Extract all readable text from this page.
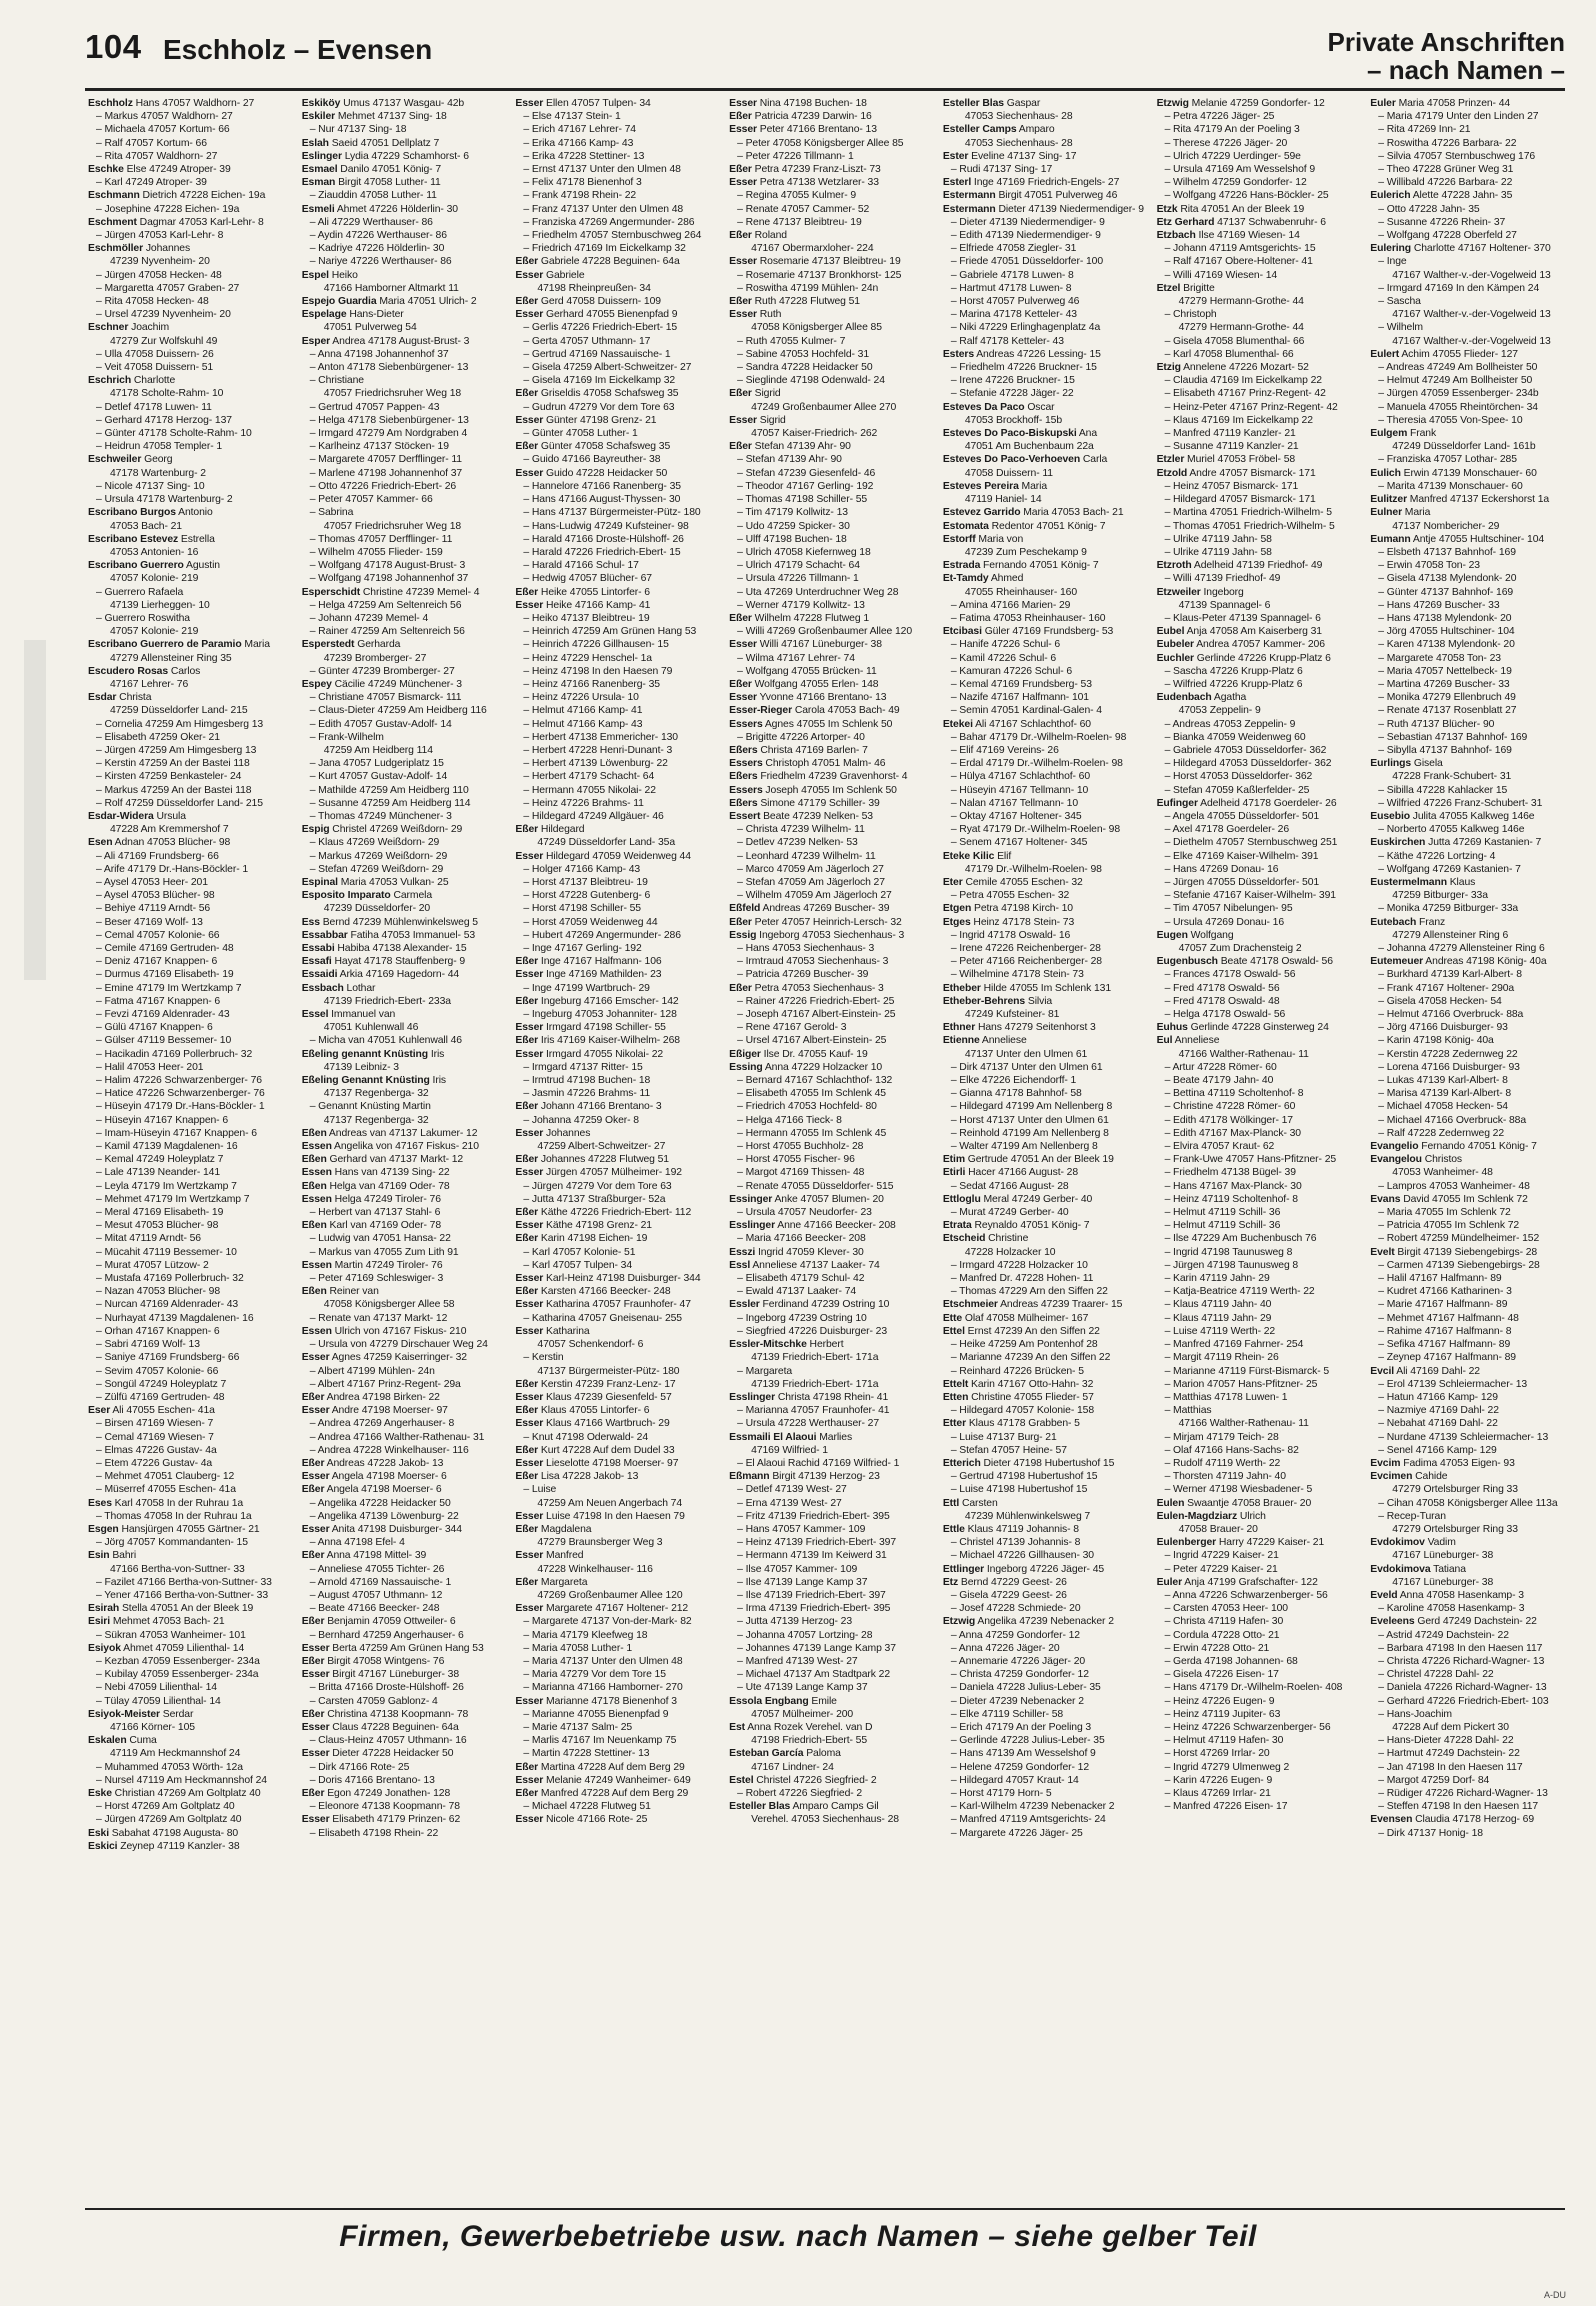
104 Eschholz – Evensen	Private Anschriften
– nach Namen –
Eschholz Hans 47057 Waldhorn- 27
– Markus 47057 Waldhorn- 27
– Michaela 47057 Kortum- 66
– Ralf 47057 Kortum- 66
– Rita 47057 Waldhorn- 27
Eschke Else 47249 Atroper- 39
– Karl 47249 Atroper- 39
Eschmann Dietrich 47228 Eichen- 19a
– Josephine 47228 Eichen- 19a
Eschment Dagmar 47053 Karl-Lehr- 8
– Jürgen 47053 Karl-Lehr- 8
Eschmöller Johannes
47239 Nyvenheim- 20
– Jürgen 47058 Hecken- 48
– Margaretta 47057 Graben- 27
– Rita 47058 Hecken- 48
– Ursel 47239 Nyvenheim- 20
Eschner Joachim
47279 Zur Wolfskuhl 49
– Ulla 47058 Duissern- 26
– Veit 47058 Duissern- 51
Eschrich Charlotte
47178 Scholte-Rahm- 10
– Detlef 47178 Luwen- 11
– Gerhard 47178 Herzog- 137
– Günter 47178 Scholte-Rahm- 10
– Heidrun 47058 Templer- 1
Eschweiler Georg
47178 Wartenburg- 2
– Nicole 47137 Sing- 10
– Ursula 47178 Wartenburg- 2
Escribano Burgos Antonio
47053 Bach- 21
Escribano Estevez Estrella
47053 Antonien- 16
Escribano Guerrero Agustin
47057 Kolonie- 219
– Guerrero Rafaela
47139 Lierheggen- 10
– Guerrero Roswitha
47057 Kolonie- 219
Escribano Guerrero de Paramio Maria
47279 Allensteiner Ring 35
Escudero Rosas Carlos
47167 Lehrer- 76
Esdar Christa
47259 Düsseldorfer Land- 215
– Cornelia 47259 Am Himgesberg 13
– Elisabeth 47259 Oker- 21
– Jürgen 47259 Am Himgesberg 13
– Kerstin 47259 An der Bastei 118
– Kirsten 47259 Benkasteler- 24
– Markus 47259 An der Bastei 118
– Rolf 47259 Düsseldorfer Land- 215
Esdar-Widera Ursula
47228 Am Kremmershof 7
Esen Adnan 47053 Blücher- 98
– Ali 47169 Frundsberg- 66
– Arife 47179 Dr.-Hans-Böckler- 1
– Aysel 47053 Heer- 201
– Aysel 47053 Blücher- 98
– Behiye 47119 Arndt- 56
– Beser 47169 Wolf- 13
– Cemal 47057 Kolonie- 66
– Cemile 47169 Gertruden- 48
– Deniz 47167 Knappen- 6
– Durmus 47169 Elisabeth- 19
– Emine 47179 Im Wertzkamp 7
– Fatma 47167 Knappen- 6
– Fevzi 47169 Aldenrader- 43
– Gülü 47167 Knappen- 6
– Gülser 47119 Bessemer- 10
– Hacikadin 47169 Pollerbruch- 32
– Halil 47053 Heer- 201
– Halim 47226 Schwarzenberger- 76
– Hatice 47226 Schwarzenberger- 76
– Hüseyin 47179 Dr.-Hans-Böckler- 1
– Hüseyin 47167 Knappen- 6
– Imam-Hüseyin 47167 Knappen- 6
– Kamil 47139 Magdalenen- 16
– Kemal 47249 Holeyplatz 7
– Lale 47139 Neander- 141
– Leyla 47179 Im Wertzkamp 7
– Mehmet 47179 Im Wertzkamp 7
– Meral 47169 Elisabeth- 19
– Mesut 47053 Blücher- 98
– Mitat 47119 Arndt- 56
– Mücahit 47119 Bessemer- 10
– Murat 47057 Lützow- 2
– Mustafa 47169 Pollerbruch- 32
– Nazan 47053 Blücher- 98
– Nurcan 47169 Aldenrader- 43
– Nurhayat 47139 Magdalenen- 16
– Orhan 47167 Knappen- 6
– Sabri 47169 Wolf- 13
– Saniye 47169 Frundsberg- 66
– Sevim 47057 Kolonie- 66
– Songül 47249 Holeyplatz 7
– Zülfü 47169 Gertruden- 48
Eser Ali 47055 Eschen- 41a
– Birsen 47169 Wiesen- 7
– Cemal 47169 Wiesen- 7
– Elmas 47226 Gustav- 4a
– Etem 47226 Gustav- 4a
– Mehmet 47051 Clauberg- 12
– Müserref 47055 Eschen- 41a
Eses Karl 47058 In der Ruhrau 1a
– Thomas 47058 In der Ruhrau 1a
Esgen Hansjürgen 47055 Gärtner- 21
– Jörg 47057 Kommandanten- 15
Esin Bahri
47166 Bertha-von-Suttner- 33
– Fazilet 47166 Bertha-von-Suttner- 33
– Yener 47166 Bertha-von-Suttner- 33
Esirah Stella 47051 An der Bleek 19
Esiri Mehmet 47053 Bach- 21
– Sükran 47053 Wanheimer- 101
Esiyok Ahmet 47059 Lilienthal- 14
– Kezban 47059 Essenberger- 234a
– Kubilay 47059 Essenberger- 234a
– Nebi 47059 Lilienthal- 14
– Tülay 47059 Lilienthal- 14
Esiyok-Meister Serdar
47166 Körner- 105
Eskalen Cuma
47119 Am Heckmannshof 24
– Muhammed 47053 Wörth- 12a
– Nursel 47119 Am Heckmannshof 24
Eske Christian 47269 Am Goltplatz 40
– Horst 47269 Am Goltplatz 40
– Jürgen 47269 Am Goltplatz 40
Eski Sabahat 47198 Augusta- 80
Eskici Zeynep 47119 Kanzler- 38
Eskiköy Umus 47137 Wasgau- 42b
Eskiler Mehmet 47137 Sing- 18
– Nur 47137 Sing- 18
Eslah Saeid 47051 Dellplatz 7
Eslinger Lydia 47229 Schamhorst- 6
Esmael Danilo 47051 König- 7
Esman Birgit 47058 Luther- 11
– Ziauddin 47058 Luther- 11
Esmeli Ahmet 47226 Hölderlin- 30
– Ali 47229 Werthauser- 86
– Aydin 47226 Werthauser- 86
– Kadriye 47226 Hölderlin- 30
– Nariye 47226 Werthauser- 86
Espel Heiko
47166 Hamborner Altmarkt 11
Espejo Guardia Maria 47051 Ulrich- 2
Espelage Hans-Dieter
47051 Pulverweg 54
Esper Andrea 47178 August-Brust- 3
– Anna 47198 Johannenhof 37
– Anton 47178 Siebenbürgener- 13
– Christiane
47057 Friedrichsruher Weg 18
– Gertrud 47057 Pappen- 43
– Helga 47178 Siebenbürgener- 13
– Irmgard 47279 Am Nordgraben 4
– Karlheinz 47137 Stöcken- 19
– Margarete 47057 Derfflinger- 11
– Marlene 47198 Johannenhof 37
– Otto 47226 Friedrich-Ebert- 26
– Peter 47057 Kammer- 66
– Sabrina
47057 Friedrichsruher Weg 18
– Thomas 47057 Derfflinger- 11
– Wilhelm 47055 Flieder- 159
– Wolfgang 47178 August-Brust- 3
– Wolfgang 47198 Johannenhof 37
Esperschidt Christine 47239 Memel- 4
– Helga 47259 Am Seltenreich 56
– Johann 47239 Memel- 4
– Rainer 47259 Am Seltenreich 56
Esperstedt Gerharda
47239 Bromberger- 27
– Günter 47239 Bromberger- 27
Espey Cäcilie 47249 Münchener- 3
– Christiane 47057 Bismarck- 111
– Claus-Dieter 47259 Am Heidberg 116
– Edith 47057 Gustav-Adolf- 14
– Frank-Wilhelm
47259 Am Heidberg 114
– Jana 47057 Ludgeriplatz 15
– Kurt 47057 Gustav-Adolf- 14
– Mathilde 47259 Am Heidberg 110
– Susanne 47259 Am Heidberg 114
– Thomas 47249 Münchener- 3
Espig Christel 47269 Weißdorn- 29
– Klaus 47269 Weißdorn- 29
– Markus 47269 Weißdorn- 29
– Stefan 47269 Weißdorn- 29
Espinal Maria 47053 Vulkan- 25
Esposito Imparato Carmela
47239 Düsseldorfer- 20
Ess Bernd 47239 Mühlenwinkelsweg 5
Essabbar Fatiha 47053 Immanuel- 53
Essabi Habiba 47138 Alexander- 15
Essafi Hayat 47178 Stauffenberg- 9
Essaidi Arkia 47169 Hagedorn- 44
Essbach Lothar
47139 Friedrich-Ebert- 233a
Essel Immanuel van
47051 Kuhlenwall 46
– Micha van 47051 Kuhlenwall 46
Eßeling genannt Knüsting Iris
47139 Leibniz- 3
Eßeling Genannt Knüsting Iris
47137 Regenberga- 32
– Genannt Knüsting Martin
47137 Regenberga- 32
Eßen Andreas van 47137 Lakumer- 12
Essen Angelika von 47167 Fiskus- 210
Eßen Gerhard van 47137 Markt- 12
Essen Hans van 47139 Sing- 22
Eßen Helga van 47169 Oder- 78
Essen Helga 47249 Tiroler- 76
– Herbert van 47137 Stahl- 6
Eßen Karl van 47169 Oder- 78
– Ludwig van 47051 Hansa- 22
– Markus van 47055 Zum Lith 91
Essen Martin 47249 Tiroler- 76
– Peter 47169 Schleswiger- 3
Eßen Reiner van
47058 Königsberger Allee 58
– Renate van 47137 Markt- 12
Essen Ulrich von 47167 Fiskus- 210
– Ursula von 47279 Dirschauer Weg 24
Esser Agnes 47259 Kaiserringer- 32
– Albert 47199 Mühlen- 24n
– Albert 47167 Prinz-Regent- 29a
Eßer Andrea 47198 Birken- 22
Esser Andre 47198 Moerser- 97
– Andrea 47269 Angerhauser- 8
– Andrea 47166 Walther-Rathenau- 31
– Andrea 47228 Winkelhauser- 116
Eßer Andreas 47228 Jakob- 13
Esser Angela 47198 Moerser- 6
Eßer Angela 47198 Moerser- 6
– Angelika 47228 Heidacker 50
– Angelika 47139 Löwenburg- 22
Esser Anita 47198 Duisburger- 344
– Anna 47198 Efel- 4
Eßer Anna 47198 Mittel- 39
– Anneliese 47055 Tichter- 26
– Arnold 47169 Nassauische- 1
– August 47057 Uthmann- 12
– Beate 47166 Beecker- 248
Eßer Benjamin 47059 Ottweiler- 6
– Bernhard 47259 Angerhauser- 6
Esser Berta 47259 Am Grünen Hang 53
Eßer Birgit 47058 Wintgens- 76
Esser Birgit 47167 Lüneburger- 38
– Britta 47166 Droste-Hülshoff- 26
– Carsten 47059 Gablonz- 4
Eßer Christina 47138 Koopmann- 78
Esser Claus 47228 Beguinen- 64a
– Claus-Heinz 47057 Uthmann- 16
Esser Dieter 47228 Heidacker 50
– Dirk 47166 Rote- 25
– Doris 47166 Brentano- 13
Eßer Egon 47249 Jonathen- 128
– Eleonore 47138 Koopmann- 78
Esser Elisabeth 47179 Prinzen- 62
– Elisabeth 47198 Rhein- 22
Esser Ellen 47057 Tulpen- 34
– Else 47137 Stein- 1
– Erich 47167 Lehrer- 74
– Erika 47166 Kamp- 43
– Erika 47228 Stettiner- 13
– Ernst 47137 Unter den Ulmen 48
– Felix 47178 Bienenhof 3
– Frank 47198 Rhein- 22
– Franz 47137 Unter den Ulmen 48
– Franziska 47269 Angermunder- 286
– Friedhelm 47057 Sternbuschweg 264
– Friedrich 47169 Im Eickelkamp 32
Eßer Gabriele 47228 Beguinen- 64a
Esser Gabriele
47198 Rheinpreußen- 34
Eßer Gerd 47058 Duissern- 109
Esser Gerhard 47055 Bienenpfad 9
– Gerlis 47226 Friedrich-Ebert- 15
– Gerta 47057 Uthmann- 17
– Gertrud 47169 Nassauische- 1
– Gisela 47259 Albert-Schweitzer- 27
– Gisela 47169 Im Eickelkamp 32
Eßer Griseldis 47058 Schafsweg 35
– Gudrun 47279 Vor dem Tore 63
Esser Günter 47198 Grenz- 21
– Günter 47058 Luther- 1
Eßer Günter 47058 Schafsweg 35
– Guido 47166 Bayreuther- 38
Esser Guido 47228 Heidacker 50
– Hannelore 47166 Ranenberg- 35
– Hans 47166 August-Thyssen- 30
– Hans 47137 Bürgermeister-Pütz- 180
– Hans-Ludwig 47249 Kufsteiner- 98
– Harald 47166 Droste-Hülshoff- 26
– Harald 47226 Friedrich-Ebert- 15
– Harald 47166 Schul- 17
– Hedwig 47057 Blücher- 67
Eßer Heike 47055 Lintorfer- 6
Esser Heike 47166 Kamp- 41
– Heiko 47137 Bleibtreu- 19
– Heinrich 47259 Am Grünen Hang 53
– Heinrich 47226 Gillhausen- 15
– Heinz 47229 Henschel- 1a
– Heinz 47198 In den Haesen 79
– Heinz 47166 Ranenberg- 35
– Heinz 47226 Ursula- 10
– Helmut 47166 Kamp- 41
– Helmut 47166 Kamp- 43
– Herbert 47138 Emmericher- 130
– Herbert 47228 Henri-Dunant- 3
– Herbert 47139 Löwenburg- 22
– Herbert 47179 Schacht- 64
– Hermann 47055 Nikolai- 22
– Heinz 47226 Brahms- 11
– Hildegard 47249 Allgäuer- 46
Eßer Hildegard
47249 Düsseldorfer Land- 35a
Esser Hildegard 47059 Weidenweg 44
– Holger 47166 Kamp- 43
– Horst 47137 Bleibtreu- 19
– Horst 47228 Gutenberg- 6
– Horst 47198 Schiller- 55
– Horst 47059 Weidenweg 44
– Hubert 47269 Angermunder- 286
– Inge 47167 Gerling- 192
Eßer Inge 47167 Halfmann- 106
Esser Inge 47169 Mathilden- 23
– Inge 47199 Wartbruch- 29
Eßer Ingeburg 47166 Emscher- 142
– Ingeburg 47053 Johanniter- 128
Esser Irmgard 47198 Schiller- 55
Eßer Iris 47169 Kaiser-Wilhelm- 268
Esser Irmgard 47055 Nikolai- 22
– Irmgard 47137 Ritter- 15
– Irmtrud 47198 Buchen- 18
– Jasmin 47226 Brahms- 11
Eßer Johann 47166 Brentano- 3
– Johanna 47259 Oker- 8
Esser Johannes
47259 Albert-Schweitzer- 27
Eßer Johannes 47228 Flutweg 51
Esser Jürgen 47057 Mülheimer- 192
– Jürgen 47279 Vor dem Tore 63
– Jutta 47137 Straßburger- 52a
Eßer Käthe 47226 Friedrich-Ebert- 112
Esser Käthe 47198 Grenz- 21
Eßer Karin 47198 Eichen- 19
– Karl 47057 Kolonie- 51
– Karl 47057 Tulpen- 34
Esser Karl-Heinz 47198 Duisburger- 344
Eßer Karsten 47166 Beecker- 248
Esser Katharina 47057 Fraunhofer- 47
– Katharina 47057 Gneisenau- 255
Esser Katharina
47057 Schenkendorf- 6
– Kerstin
47137 Bürgermeister-Pütz- 180
Eßer Kerstin 47239 Franz-Lenz- 17
Esser Klaus 47239 Giesenfeld- 57
Eßer Klaus 47055 Lintorfer- 6
Esser Klaus 47166 Wartbruch- 29
– Knut 47198 Oderwald- 24
Eßer Kurt 47228 Auf dem Dudel 33
Esser Lieselotte 47198 Moerser- 97
Eßer Lisa 47228 Jakob- 13
– Luise
47259 Am Neuen Angerbach 74
Esser Luise 47198 In den Haesen 79
Eßer Magdalena
47279 Braunsberger Weg 3
Esser Manfred
47228 Winkelhauser- 116
Eßer Margareta
47269 Großenbaumer Allee 120
Esser Margarete 47167 Holtener- 212
– Margarete 47137 Von-der-Mark- 82
– Maria 47179 Kleefweg 18
– Maria 47058 Luther- 1
– Maria 47137 Unter den Ulmen 48
– Maria 47279 Vor dem Tore 15
– Marianna 47166 Hamborner- 270
Esser Marianne 47178 Bienenhof 3
– Marianne 47055 Bienenpfad 9
– Marie 47137 Salm- 25
– Marlis 47167 Im Neuenkamp 75
– Martin 47228 Stettiner- 13
Eßer Martina 47228 Auf dem Berg 29
Esser Melanie 47249 Wanheimer- 649
Eßer Manfred 47228 Auf dem Berg 29
– Michael 47228 Flutweg 51
Esser Nicole 47166 Rote- 25
Esser Nina 47198 Buchen- 18
Eßer Patricia 47239 Darwin- 16
Esser Peter 47166 Brentano- 13
– Peter 47058 Königsberger Allee 85
– Peter 47226 Tillmann- 1
Eßer Petra 47239 Franz-Liszt- 73
Esser Petra 47138 Wetzlarer- 33
– Regina 47055 Kulmer- 9
– Renate 47057 Cammer- 52
– Rene 47137 Bleibtreu- 19
Eßer Roland
47167 Obermarxloher- 224
Esser Rosemarie 47137 Bleibtreu- 19
– Rosemarie 47137 Bronkhorst- 125
– Roswitha 47199 Mühlen- 24n
Eßer Ruth 47228 Flutweg 51
Esser Ruth
47058 Königsberger Allee 85
– Ruth 47055 Kulmer- 7
– Sabine 47053 Hochfeld- 31
– Sandra 47228 Heidacker 50
– Sieglinde 47198 Odenwald- 24
Eßer Sigrid
47249 Großenbaumer Allee 270
Esser Sigrid
47057 Kaiser-Friedrich- 262
Eßer Stefan 47139 Ahr- 90
– Stefan 47139 Ahr- 90
– Stefan 47239 Giesenfeld- 46
– Theodor 47167 Gerling- 192
– Thomas 47198 Schiller- 55
– Tim 47179 Kollwitz- 13
– Udo 47259 Spicker- 30
– Ulff 47198 Buchen- 18
– Ulrich 47058 Kiefernweg 18
– Ulrich 47179 Schacht- 64
– Ursula 47226 Tillmann- 1
– Uta 47269 Unterdruchner Weg 28
– Werner 47179 Kollwitz- 13
Eßer Wilhelm 47228 Flutweg 1
– Willi 47269 Großenbaumer Allee 120
Esser Willi 47167 Lüneburger- 38
– Wilma 47167 Lehrer- 74
– Wolfgang 47055 Brücken- 11
Eßer Wolfgang 47055 Erlen- 148
Esser Yvonne 47166 Brentano- 13
Esser-Rieger Carola 47053 Bach- 49
Essers Agnes 47055 Im Schlenk 50
– Brigitte 47226 Artorper- 40
Eßers Christa 47169 Barlen- 7
Essers Christoph 47051 Malm- 46
Eßers Friedhelm 47239 Gravenhorst- 4
Essers Joseph 47055 Im Schlenk 50
Eßers Simone 47179 Schiller- 39
Essert Beate 47239 Nelken- 53
– Christa 47239 Wilhelm- 11
– Detlev 47239 Nelken- 53
– Leonhard 47239 Wilhelm- 11
– Marco 47059 Am Jägerloch 27
– Stefan 47059 Am Jägerloch 27
– Wilhelm 47059 Am Jägerloch 27
Eßfeld Andreas 47269 Buscher- 39
Eßer Peter 47057 Heinrich-Lersch- 32
Essig Ingeborg 47053 Siechenhaus- 3
– Hans 47053 Siechenhaus- 3
– Irmtraud 47053 Siechenhaus- 3
– Patricia 47269 Buscher- 39
Eßer Petra 47053 Siechenhaus- 3
– Rainer 47226 Friedrich-Ebert- 25
– Joseph 47167 Albert-Einstein- 25
– Rene 47167 Gerold- 3
– Ursel 47167 Albert-Einstein- 25
Eßiger Ilse Dr. 47055 Kauf- 19
Essing Anna 47229 Holzacker 10
– Bernard 47167 Schlachthof- 132
– Elisabeth 47055 Im Schlenk 45
– Friedrich 47053 Hochfeld- 80
– Helga 47166 Tieck- 8
– Hermann 47055 Im Schlenk 45
– Horst 47055 Buchholz- 28
– Horst 47055 Fischer- 96
– Margot 47169 Thissen- 48
– Renate 47055 Düsseldorfer- 515
Essinger Anke 47057 Blumen- 20
– Ursula 47057 Neudorfer- 23
Esslinger Anne 47166 Beecker- 208
– Maria 47166 Beecker- 208
Esszi Ingrid 47059 Klever- 30
Essl Anneliese 47137 Laaker- 74
– Elisabeth 47179 Schul- 42
– Ewald 47137 Laaker- 74
Essler Ferdinand 47239 Ostring 10
– Ingeborg 47239 Ostring 10
– Siegfried 47226 Duisburger- 23
Essler-Mitschke Herbert
47139 Friedrich-Ebert- 171a
– Margareta
47139 Friedrich-Ebert- 171a
Esslinger Christa 47198 Rhein- 41
– Marianna 47057 Fraunhofer- 41
– Ursula 47228 Werthauser- 27
Essmaili El Alaoui Marlies
47169 Wilfried- 1
– El Alaoui Rachid 47169 Wilfried- 1
Eßmann Birgit 47139 Herzog- 23
– Detlef 47139 West- 27
– Erna 47139 West- 27
– Fritz 47139 Friedrich-Ebert- 395
– Hans 47057 Kammer- 109
– Heinz 47139 Friedrich-Ebert- 397
– Hermann 47139 Im Keiwerd 31
– Ilse 47057 Kammer- 109
– Ilse 47139 Lange Kamp 37
– Ilse 47139 Friedrich-Ebert- 397
– Irma 47139 Friedrich-Ebert- 395
– Jutta 47139 Herzog- 23
– Johanna 47057 Lortzing- 28
– Johannes 47139 Lange Kamp 37
– Manfred 47139 West- 27
– Michael 47137 Am Stadtpark 22
– Ute 47139 Lange Kamp 37
Essola Engbang Emile
47057 Mülheimer- 200
Est Anna Rozek Verehel. van D
47198 Friedrich-Ebert- 55
Esteban García Paloma
47167 Lindner- 24
Estel Christel 47226 Siegfried- 2
– Robert 47226 Siegfried- 2
Esteller Blas Amparo Camps Gil
Verehel. 47053 Siechenhaus- 28
Esteller Blas Gaspar
47053 Siechenhaus- 28
Esteller Camps Amparo
47053 Siechenhaus- 28
Ester Eveline 47137 Sing- 17
– Rudi 47137 Sing- 17
Esterl Inge 47169 Friedrich-Engels- 27
Estermann Birgit 47051 Pulverweg 46
Estermann Dieter 47139 Niedermendiger- 9
– Dieter 47139 Niedermendiger- 9
– Edith 47139 Niedermendiger- 9
– Elfriede 47058 Ziegler- 31
– Friede 47051 Düsseldorfer- 100
– Gabriele 47178 Luwen- 8
– Hartmut 47178 Luwen- 8
– Horst 47057 Pulverweg 46
– Marina 47178 Ketteler- 43
– Niki 47229 Erlinghagenplatz 4a
– Ralf 47178 Ketteler- 43
Esters Andreas 47226 Lessing- 15
– Friedhelm 47226 Bruckner- 15
– Irene 47226 Bruckner- 15
– Stefanie 47228 Jäger- 22
Esteves Da Paco Oscar
47053 Brockhoff- 15b
Esteves Do Paco-Biskupski Ana
47051 Am Buchenbaum 22a
Esteves Do Paco-Verhoeven Carla
47058 Duissern- 11
Esteves Pereira Maria
47119 Haniel- 14
Estevez Garrido Maria 47053 Bach- 21
Estomata Redentor 47051 König- 7
Estorff Maria von
47239 Zum Peschekamp 9
Estrada Fernando 47051 König- 7
Et-Tamdy Ahmed
47055 Rheinhauser- 160
– Amina 47166 Marien- 29
– Fatima 47053 Rheinhauser- 160
Etcibasi Güler 47169 Frundsberg- 53
– Hanife 47226 Schul- 6
– Kamil 47226 Schul- 6
– Kamuran 47226 Schul- 6
– Kemal 47169 Frundsberg- 53
– Nazife 47167 Halfmann- 101
– Semin 47051 Kardinal-Galen- 4
Etekei Ali 47167 Schlachthof- 60
– Bahar 47179 Dr.-Wilhelm-Roelen- 98
– Elif 47169 Vereins- 26
– Erdal 47179 Dr.-Wilhelm-Roelen- 98
– Hülya 47167 Schlachthof- 60
– Hüseyin 47167 Tellmann- 10
– Nalan 47167 Tellmann- 10
– Oktay 47167 Holtener- 345
– Ryat 47179 Dr.-Wilhelm-Roelen- 98
– Senem 47167 Holtener- 345
Eteke Kilic Elif
47179 Dr.-Wilhelm-Roelen- 98
Eter Cemile 47055 Eschen- 32
– Petra 47055 Eschen- 32
Etgen Petra 47198 Kirch- 10
Etges Heinz 47178 Stein- 73
– Ingrid 47178 Oswald- 16
– Irene 47226 Reichenberger- 28
– Peter 47166 Reichenberger- 28
– Wilhelmine 47178 Stein- 73
Etheber Hilde 47055 Im Schlenk 131
Etheber-Behrens Silvia
47249 Kufsteiner- 81
Ethner Hans 47279 Seitenhorst 3
Etienne Anneliese
47137 Unter den Ulmen 61
– Dirk 47137 Unter den Ulmen 61
– Elke 47226 Eichendorff- 1
– Gianna 47178 Bahnhof- 58
– Hildegard 47199 Am Nellenberg 8
– Horst 47137 Unter den Ulmen 61
– Reinhold 47199 Am Nellenberg 8
– Walter 47199 Am Nellenberg 8
Etim Gertrude 47051 An der Bleek 19
Etirli Hacer 47166 August- 28
– Sedat 47166 August- 28
Ettloglu Meral 47249 Gerber- 40
– Murat 47249 Gerber- 40
Etrata Reynaldo 47051 König- 7
Etscheid Christine
47228 Holzacker 10
– Irmgard 47228 Holzacker 10
– Manfred Dr. 47228 Hohen- 11
– Thomas 47229 Arn den Siffen 22
Etschmeier Andreas 47239 Traarer- 15
Ette Olaf 47058 Mülheimer- 167
Ettel Ernst 47239 An den Siffen 22
– Heike 47259 Am Pontenhof 28
– Marianne 47239 An den Siffen 22
– Reinhard 47226 Brücken- 5
Ettelt Karin 47167 Otto-Hahn- 32
Etten Christine 47055 Flieder- 57
– Hildegard 47057 Kolonie- 158
Etter Klaus 47178 Grabben- 5
– Luise 47137 Burg- 21
– Stefan 47057 Heine- 57
Etterich Dieter 47198 Hubertushof 15
– Gertrud 47198 Hubertushof 15
– Luise 47198 Hubertushof 15
Ettl Carsten
47239 Mühlenwinkelsweg 7
Ettle Klaus 47119 Johannis- 8
– Christel 47139 Johannis- 8
– Michael 47226 Gillhausen- 30
Ettlinger Ingeborg 47226 Jäger- 45
Etz Bernd 47229 Geest- 26
– Gisela 47229 Geest- 26
– Josef 47228 Schmiede- 20
Etzwig Angelika 47239 Nebenacker 2
– Anna 47259 Gondorfer- 12
– Anna 47226 Jäger- 20
– Annemarie 47226 Jäger- 20
– Christa 47259 Gondorfer- 12
– Daniela 47228 Julius-Leber- 35
– Dieter 47239 Nebenacker 2
– Elke 47119 Schiller- 58
– Erich 47179 An der Poeling 3
– Gerlinde 47228 Julius-Leber- 35
– Hans 47139 Am Wesselshof 9
– Helene 47259 Gondorfer- 12
– Hildegard 47057 Kraut- 14
– Horst 47179 Horn- 5
– Karl-Wilhelm 47239 Nebenacker 2
– Manfred 47119 Amtsgerichts- 24
– Margarete 47226 Jäger- 25
Etzwig Melanie 47259 Gondorfer- 12
– Petra 47226 Jäger- 25
– Rita 47179 An der Poeling 3
– Therese 47226 Jäger- 20
– Ulrich 47229 Uerdinger- 59e
– Ursula 47169 Am Wesselshof 9
– Wilhelm 47259 Gondorfer- 12
– Wolfgang 47226 Hans-Böckler- 25
Etzk Rita 47051 An der Bleek 19
Etz Gerhard 47137 Schwabenruhr- 6
Etzbach Ilse 47169 Wiesen- 14
– Johann 47119 Amtsgerichts- 15
– Ralf 47167 Obere-Holtener- 41
– Willi 47169 Wiesen- 14
Etzel Brigitte
47279 Hermann-Grothe- 44
– Christoph
47279 Hermann-Grothe- 44
– Gisela 47058 Blumenthal- 66
– Karl 47058 Blumenthal- 66
Etzig Annelene 47226 Mozart- 52
– Claudia 47169 Im Eickelkamp 22
– Elisabeth 47167 Prinz-Regent- 42
– Heinz-Peter 47167 Prinz-Regent- 42
– Klaus 47169 Im Eickelkamp 22
– Manfred 47119 Kanzler- 21
– Susanne 47119 Kanzler- 21
Etzler Muriel 47053 Fröbel- 58
Etzold Andre 47057 Bismarck- 171
– Heinz 47057 Bismarck- 171
– Hildegard 47057 Bismarck- 171
– Martina 47051 Friedrich-Wilhelm- 5
– Thomas 47051 Friedrich-Wilhelm- 5
– Ulrike 47119 Jahn- 58
– Ulrike 47119 Jahn- 58
Etzroth Adelheid 47139 Friedhof- 49
– Willi 47139 Friedhof- 49
Etzweiler Ingeborg
47139 Spannagel- 6
– Klaus-Peter 47139 Spannagel- 6
Eubel Anja 47058 Am Kaiserberg 31
Eubeler Andrea 47057 Kammer- 206
Euchler Gerlinde 47226 Krupp-Platz 6
– Sascha 47226 Krupp-Platz 6
– Wilfried 47226 Krupp-Platz 6
Eudenbach Agatha
47053 Zeppelin- 9
– Andreas 47053 Zeppelin- 9
– Bianka 47059 Weidenweg 60
– Gabriele 47053 Düsseldorfer- 362
– Hildegard 47053 Düsseldorfer- 362
– Horst 47053 Düsseldorfer- 362
– Stefan 47059 Kaßlerfelder- 25
Eufinger Adelheid 47178 Goerdeler- 26
– Angela 47055 Düsseldorfer- 501
– Axel 47178 Goerdeler- 26
– Diethelm 47057 Sternbuschweg 251
– Elke 47169 Kaiser-Wilhelm- 391
– Hans 47269 Donau- 16
– Jürgen 47055 Düsseldorfer- 501
– Stefanie 47167 Kaiser-Wilhelm- 391
– Tim 47057 Nibelungen- 95
– Ursula 47269 Donau- 16
Eugen Wolfgang
47057 Zum Drachensteig 2
Eugenbusch Beate 47178 Oswald- 56
– Frances 47178 Oswald- 56
– Fred 47178 Oswald- 56
– Fred 47178 Oswald- 48
– Helga 47178 Oswald- 56
Euhus Gerlinde 47228 Ginsterweg 24
Eul Anneliese
47166 Walther-Rathenau- 11
– Artur 47228 Römer- 60
– Beate 47179 Jahn- 40
– Bettina 47119 Scholtenhof- 8
– Christine 47228 Römer- 60
– Edith 47178 Wölkinger- 17
– Edith 47167 Max-Planck- 30
– Elvira 47057 Kraut- 62
– Frank-Uwe 47057 Hans-Pfitzner- 25
– Friedhelm 47138 Bügel- 39
– Hans 47167 Max-Planck- 30
– Heinz 47119 Scholtenhof- 8
– Helmut 47119 Schill- 36
– Helmut 47119 Schill- 36
– Ilse 47229 Am Buchenbusch 76
– Ingrid 47198 Taunusweg 8
– Jürgen 47198 Taunusweg 8
– Karin 47119 Jahn- 29
– Katja-Beatrice 47119 Werth- 22
– Klaus 47119 Jahn- 40
– Klaus 47119 Jahn- 29
– Luise 47119 Werth- 22
– Manfred 47169 Fahrner- 254
– Margit 47119 Rhein- 26
– Marianne 47119 Fürst-Bismarck- 5
– Marion 47057 Hans-Pfitzner- 25
– Matthias 47178 Luwen- 1
– Matthias
47166 Walther-Rathenau- 11
– Mirjam 47179 Teich- 28
– Olaf 47166 Hans-Sachs- 82
– Rudolf 47119 Werth- 22
– Thorsten 47119 Jahn- 40
– Werner 47198 Wiesbadener- 5
Eulen Swaantje 47058 Brauer- 20
Eulen-Magdziarz Ulrich
47058 Brauer- 20
Eulenberger Harry 47229 Kaiser- 21
– Ingrid 47229 Kaiser- 21
– Peter 47229 Kaiser- 21
Euler Anja 47199 Grafschafter- 122
– Anna 47226 Schwarzenberger- 56
– Carsten 47053 Heer- 100
– Christa 47119 Hafen- 30
– Cordula 47228 Otto- 21
– Erwin 47228 Otto- 21
– Gerda 47198 Johannen- 68
– Gisela 47226 Eisen- 17
– Hans 47179 Dr.-Wilhelm-Roelen- 408
– Heinz 47226 Eugen- 9
– Heinz 47119 Jupiter- 63
– Heinz 47226 Schwarzenberger- 56
– Helmut 47119 Hafen- 30
– Horst 47269 Irrlar- 20
– Ingrid 47279 Ulmenweg 2
– Karin 47226 Eugen- 9
– Klaus 47269 Irrlar- 21
– Manfred 47226 Eisen- 17
Euler Maria 47058 Prinzen- 44
– Maria 47179 Unter den Linden 27
– Rita 47269 Inn- 21
– Roswitha 47226 Barbara- 22
– Silvia 47057 Sternbuschweg 176
– Theo 47228 Grüner Weg 31
– Willibald 47226 Barbara- 22
Eulerich Alette 47228 Jahn- 35
– Otto 47228 Jahn- 35
– Susanne 47226 Rhein- 37
– Wolfgang 47228 Oberfeld 27
Eulering Charlotte 47167 Holtener- 370
– Inge
47167 Walther-v.-der-Vogelweid 13
– Irmgard 47169 In den Kämpen 24
– Sascha
47167 Walther-v.-der-Vogelweid 13
– Wilhelm
47167 Walther-v.-der-Vogelweid 13
Eulert Achim 47055 Flieder- 127
– Andreas 47249 Am Bollheister 50
– Helmut 47249 Am Bollheister 50
– Jürgen 47059 Essenberger- 234b
– Manuela 47055 Rheintörchen- 34
– Theresia 47055 Von-Spee- 10
Eulgem Frank
47249 Düsseldorfer Land- 161b
– Franziska 47057 Lothar- 285
Eulich Erwin 47139 Monschauer- 60
– Marita 47139 Monschauer- 60
Eulitzer Manfred 47137 Eckershorst 1a
Eulner Maria
47137 Nombericher- 29
Eumann Antje 47055 Hultschiner- 104
– Elsbeth 47137 Bahnhof- 169
– Erwin 47058 Ton- 23
– Gisela 47138 Mylendonk- 20
– Günter 47137 Bahnhof- 169
– Hans 47269 Buscher- 33
– Hans 47138 Mylendonk- 20
– Jörg 47055 Hultschiner- 104
– Karen 47138 Mylendonk- 20
– Margarete 47058 Ton- 23
– Maria 47057 Nettelbeck- 19
– Martina 47269 Buscher- 33
– Monika 47279 Ellenbruch 49
– Renate 47137 Rosenblatt 27
– Ruth 47137 Blücher- 90
– Sebastian 47137 Bahnhof- 169
– Sibylla 47137 Bahnhof- 169
Eurlings Gisela
47228 Frank-Schubert- 31
– Sibilla 47228 Kahlacker 15
– Wilfried 47226 Franz-Schubert- 31
Eusebio Julita 47055 Kalkweg 146e
– Norberto 47055 Kalkweg 146e
Euskirchen Jutta 47269 Kastanien- 7
– Käthe 47226 Lortzing- 4
– Wolfgang 47269 Kastanien- 7
Eustermelmann Klaus
47259 Bitburger- 33a
– Monika 47259 Bitburger- 33a
Eutebach Franz
47279 Allensteiner Ring 6
– Johanna 47279 Allensteiner Ring 6
Eutemeuer Andreas 47198 König- 40a
– Burkhard 47139 Karl-Albert- 8
– Frank 47167 Holtener- 290a
– Gisela 47058 Hecken- 54
– Helmut 47166 Overbruck- 88a
– Jörg 47166 Duisburger- 93
– Karin 47198 König- 40a
– Kerstin 47228 Zedernweg 22
– Lorena 47166 Duisburger- 93
– Lukas 47139 Karl-Albert- 8
– Marisa 47139 Karl-Albert- 8
– Michael 47058 Hecken- 54
– Michael 47166 Overbruck- 88a
– Ralf 47228 Zedernweg 22
Evangelio Fernando 47051 König- 7
Evangelou Christos
47053 Wanheimer- 48
– Lampros 47053 Wanheimer- 48
Evans David 47055 Im Schlenk 72
– Maria 47055 Im Schlenk 72
– Patricia 47055 Im Schlenk 72
– Robert 47259 Mündelheimer- 152
Evelt Birgit 47139 Siebengebirgs- 28
– Carmen 47139 Siebengebirgs- 28
– Halil 47167 Halfmann- 89
– Kudret 47166 Katharinen- 3
– Marie 47167 Halfmann- 89
– Mehmet 47167 Halfmann- 48
– Rahime 47167 Halfmann- 8
– Sefika 47167 Halfmann- 89
– Zeynep 47167 Halfmann- 89
Evcil Ali 47169 Dahl- 22
– Erol 47139 Schleiermacher- 13
– Hatun 47166 Kamp- 129
– Nazmiye 47169 Dahl- 22
– Nebahat 47169 Dahl- 22
– Nurdane 47139 Schleiermacher- 13
– Senel 47166 Kamp- 129
Evcim Fadima 47053 Eigen- 93
Evcimen Cahide
47279 Ortelsburger Ring 33
– Cihan 47058 Königsberger Allee 113a
– Recep-Turan
47279 Ortelsburger Ring 33
Evdokimov Vadim
47167 Lüneburger- 38
Evdokimova Tatiana
47167 Lüneburger- 38
Eveld Anna 47058 Hasenkamp- 3
– Karoline 47058 Hasenkamp- 3
Eveleens Gerd 47249 Dachstein- 22
– Astrid 47249 Dachstein- 22
– Barbara 47198 In den Haesen 117
– Christa 47226 Richard-Wagner- 13
– Christel 47228 Dahl- 22
– Daniela 47226 Richard-Wagner- 13
– Gerhard 47226 Friedrich-Ebert- 103
– Hans-Joachim
47228 Auf dem Pickert 30
– Hans-Dieter 47228 Dahl- 22
– Hartmut 47249 Dachstein- 22
– Jan 47198 In den Haesen 117
– Margot 47259 Dorf- 84
– Rüdiger 47226 Richard-Wagner- 13
– Steffen 47198 In den Haesen 117
Evensen Claudia 47178 Herzog- 69
– Dirk 47137 Honig- 18
Firmen, Gewerbebetriebe usw. nach Namen – siehe gelber Teil
A-DU
